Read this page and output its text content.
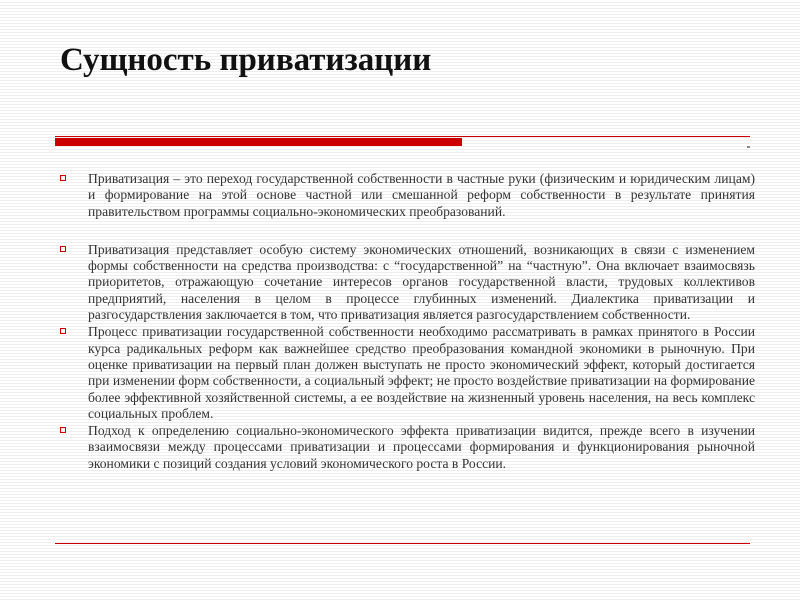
Сущность приватизации
Приватизация – это переход государственной собственности в частные руки (физическим и юридическим лицам) и формирование на этой основе частной или смешанной реформ собственности в результате принятия правительством программы социально-экономических преобразований.
Приватизация представляет особую систему экономических отношений, возникающих в связи с изменением формы собственности на средства производства: с “государственной” на “частную”. Она включает взаимосвязь приоритетов, отражающую сочетание интересов органов государственной власти, трудовых коллективов предприятий, населения в целом в процессе глубинных изменений. Диалектика приватизации и разгосударствления заключается в том, что приватизация является разгосударствлением собственности.
Процесс приватизации государственной собственности необходимо рассматривать в рамках принятого в России курса радикальных реформ как важнейшее средство преобразования командной экономики в рыночную. При оценке приватизации на первый план должен выступать не просто экономический эффект, который достигается при изменении форм собственности, а социальный эффект; не просто воздействие приватизации на формирование более эффективной хозяйственной системы, а ее воздействие на жизненный уровень населения, на весь комплекс социальных проблем.
Подход к определению социально-экономического эффекта приватизации видится, прежде всего в изучении взаимосвязи между процессами приватизации и процессами формирования и функционирования рыночной экономики с позиций создания условий экономического роста в России.
